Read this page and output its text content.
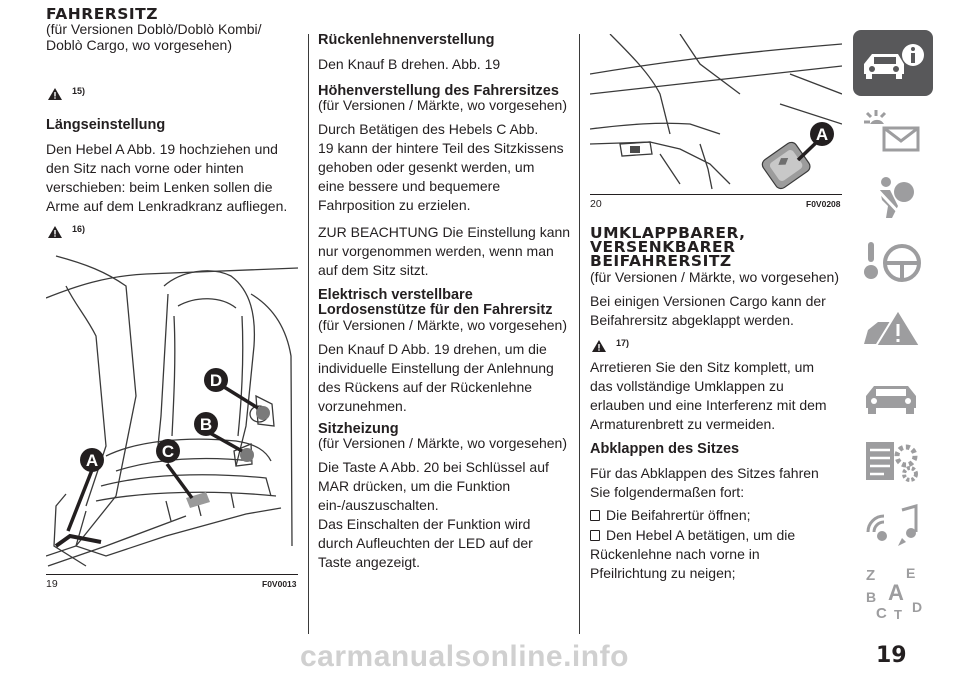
FAHRERSITZ

(für Versionen Doblò/Doblò Kombi/

Doblò Cargo, wo vorgesehen)

15)

Längseinstellung

Den Hebel A Abb. 19 hochziehen und

den Sitz nach vorne oder hinten

verschieben: beim Lenken sollen die

Arme auf dem Lenkradkranz aufliegen.

16)
D
B
C
A
19	F0V0013

Rückenlehnenverstellung

Den Knauf B drehen. Abb. 19

Höhenverstellung des Fahrersitzes

(für Versionen / Märkte, wo vorgesehen)

Durch Betätigen des Hebels C Abb.

19 kann der hintere Teil des Sitzkissens

gehoben oder gesenkt werden, um

eine bessere und bequemere

Fahrposition zu erzielen.

ZUR BEACHTUNG Die Einstellung kann

nur vorgenommen werden, wenn man

auf dem Sitz sitzt.

Elektrisch verstellbare

Lordosenstütze für den Fahrersitz

(für Versionen / Märkte, wo vorgesehen)

Den Knauf D Abb. 19 drehen, um die

individuelle Einstellung der Anlehnung

des Rückens auf der Rückenlehne

vorzunehmen.

Sitzheizung

(für Versionen / Märkte, wo vorgesehen)

Die Taste A Abb. 20 bei Schlüssel auf

MAR drücken, um die Funktion

ein-/auszuschalten.

Das Einschalten der Funktion wird

durch Aufleuchten der LED auf der

Taste angezeigt.

A
20	F0V0208

UMKLAPPBARER,

VERSENKBARER

BEIFAHRERSITZ

(für Versionen / Märkte, wo vorgesehen)

Bei einigen Versionen Cargo kann der

Beifahrersitz abgeklappt werden.

17)

Arretieren Sie den Sitz komplett, um

das vollständige Umklappen zu

erlauben und eine Interferenz mit dem

Armaturenbrett zu vermeiden.

Abklappen des Sitzes

Für das Abklappen des Sitzes fahren

Sie folgendermaßen fort:

Die Beifahrertür öffnen;
Den Hebel A betätigen, um die

Rückenlehne nach vorne in

Pfeilrichtung zu neigen;	Z E
B A
C T D
carmanualsonline.info	19
